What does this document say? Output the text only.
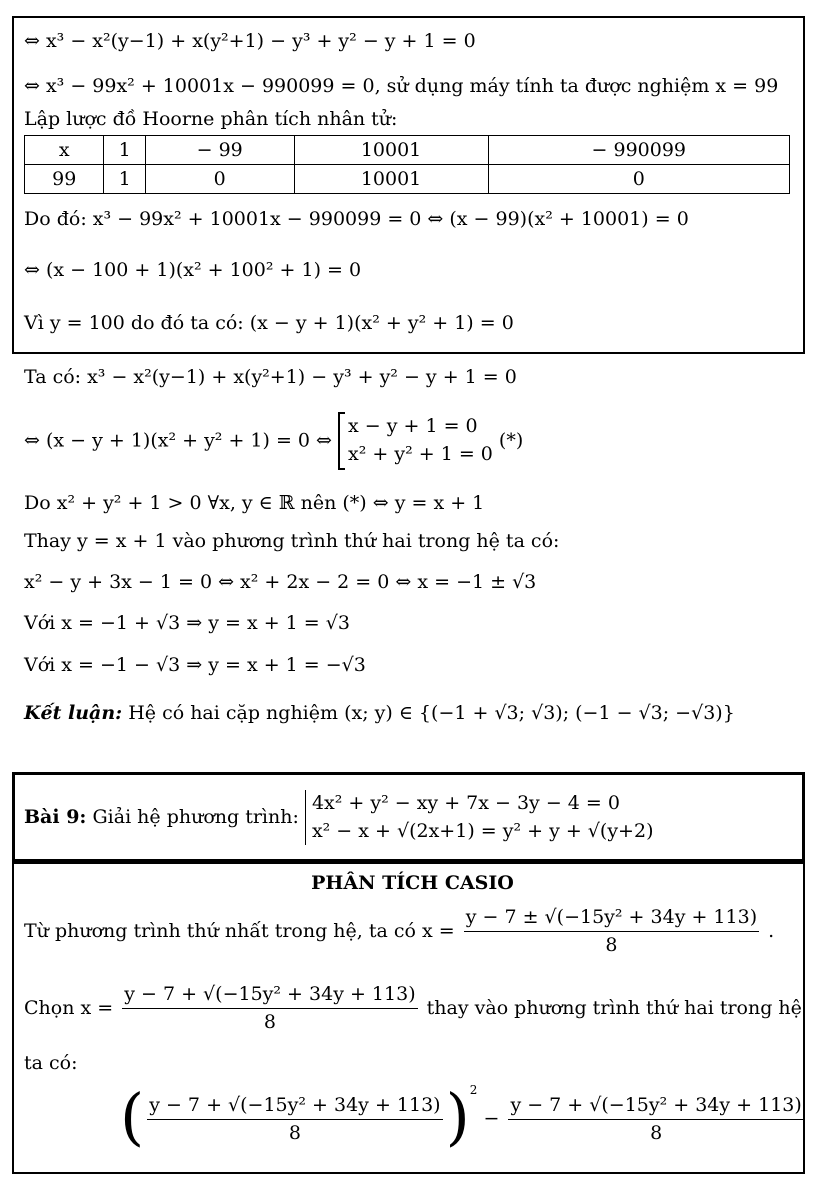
⇔ x³ − x²(y−1) + x(y²+1) − y³ + y² − y + 1 = 0
⇔ x³ − 99x² + 10001x − 990099 = 0, sử dụng máy tính ta được nghiệm x = 99
Lập lược đồ Hoorne phân tích nhân tử:
x	1	− 99	10001	− 990099
99	1	0	10001	0
Do đó: x³ − 99x² + 10001x − 990099 = 0 ⇔ (x − 99)(x² + 10001) = 0
⇔ (x − 100 + 1)(x² + 100² + 1) = 0
Vì y = 100 do đó ta có: (x − y + 1)(x² + y² + 1) = 0
Ta có: x³ − x²(y−1) + x(y²+1) − y³ + y² − y + 1 = 0
⇔ (x − y + 1)(x² + y² + 1) = 0 ⇔
x − y + 1 = 0
x² + y² + 1 = 0
(*)
Do x² + y² + 1 > 0 ∀x, y ∈ ℝ nên (*) ⇔ y = x + 1
Thay y = x + 1 vào phương trình thứ hai trong hệ ta có:
x² − y + 3x − 1 = 0 ⇔ x² + 2x − 2 = 0 ⇔ x = −1 ± √3
Với x = −1 + √3 ⇒ y = x + 1 = √3
Với x = −1 − √3 ⇒ y = x + 1 = −√3
Kết luận: Hệ có hai cặp nghiệm (x; y) ∈ {(−1 + √3; √3); (−1 − √3; −√3)}
Bài 9: Giải hệ phương trình:
4x² + y² − xy + 7x − 3y − 4 = 0
x² − x + √(2x+1) = y² + y + √(y+2)
PHÂN TÍCH CASIO
Từ phương trình thứ nhất trong hệ, ta có $x = \frac{\text{y − 7 ± √(−15y² + 34y + 113)}}{8}$ .
Chọn $x = \frac{\text{y − 7 + √(−15y² + 34y + 113)}}{8}$ thay vào phương trình thứ hai trong hệ
ta có:
( $\frac{\text{y − 7 + √(−15y² + 34y + 113)}}{8} )^2 - \frac{\text{y − 7 + √(−15y² + 34y + 113)}}{8}$
